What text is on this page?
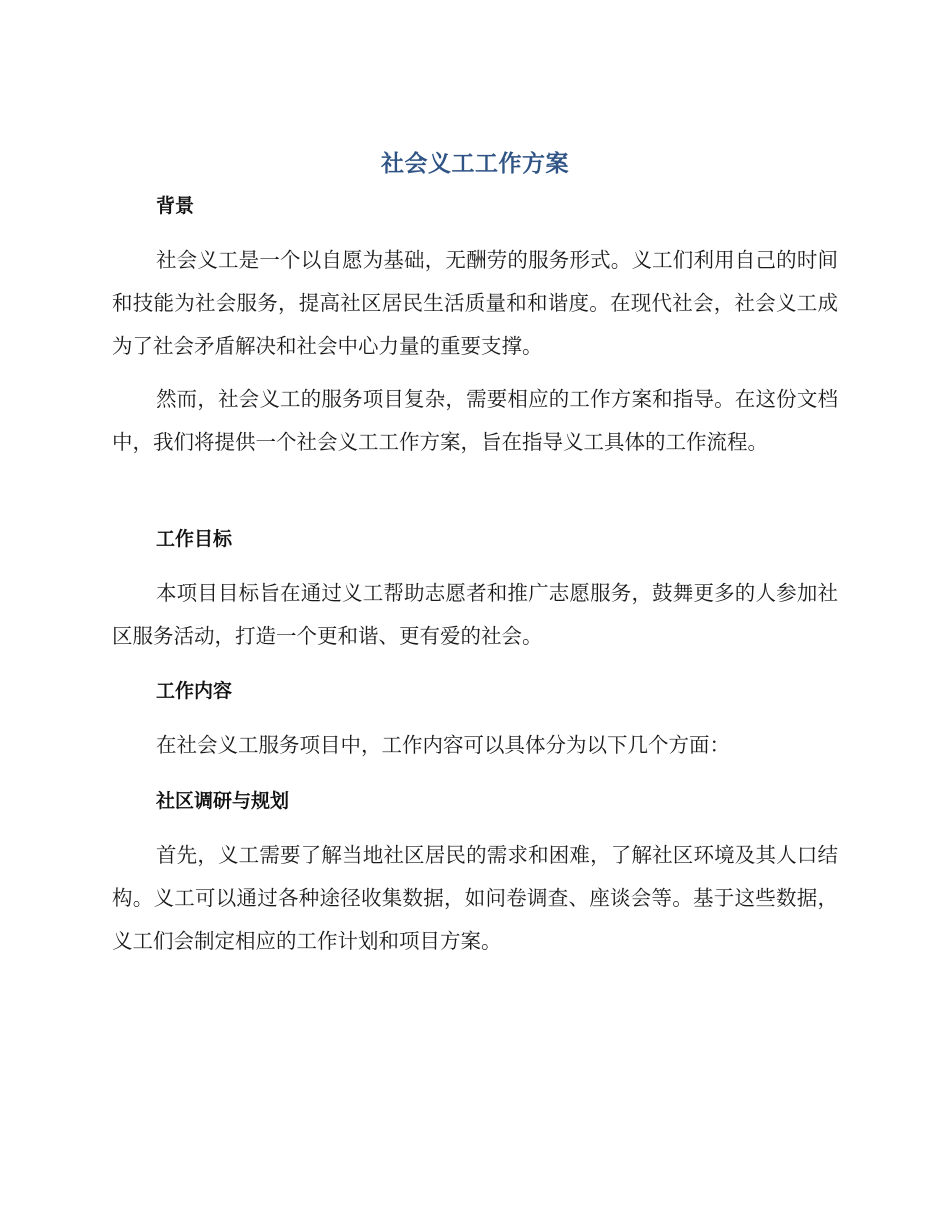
社会义工工作方案
背景
社会义工是一个以自愿为基础，无酬劳的服务形式。义工们利用自己的时间和技能为社会服务，提高社区居民生活质量和和谐度。在现代社会，社会义工成为了社会矛盾解决和社会中心力量的重要支撑。
然而，社会义工的服务项目复杂，需要相应的工作方案和指导。在这份文档中，我们将提供一个社会义工工作方案，旨在指导义工具体的工作流程。
工作目标
本项目目标旨在通过义工帮助志愿者和推广志愿服务，鼓舞更多的人参加社区服务活动，打造一个更和谐、更有爱的社会。
工作内容
在社会义工服务项目中，工作内容可以具体分为以下几个方面：
社区调研与规划
首先，义工需要了解当地社区居民的需求和困难，了解社区环境及其人口结构。义工可以通过各种途径收集数据，如问卷调查、座谈会等。基于这些数据，义工们会制定相应的工作计划和项目方案。
